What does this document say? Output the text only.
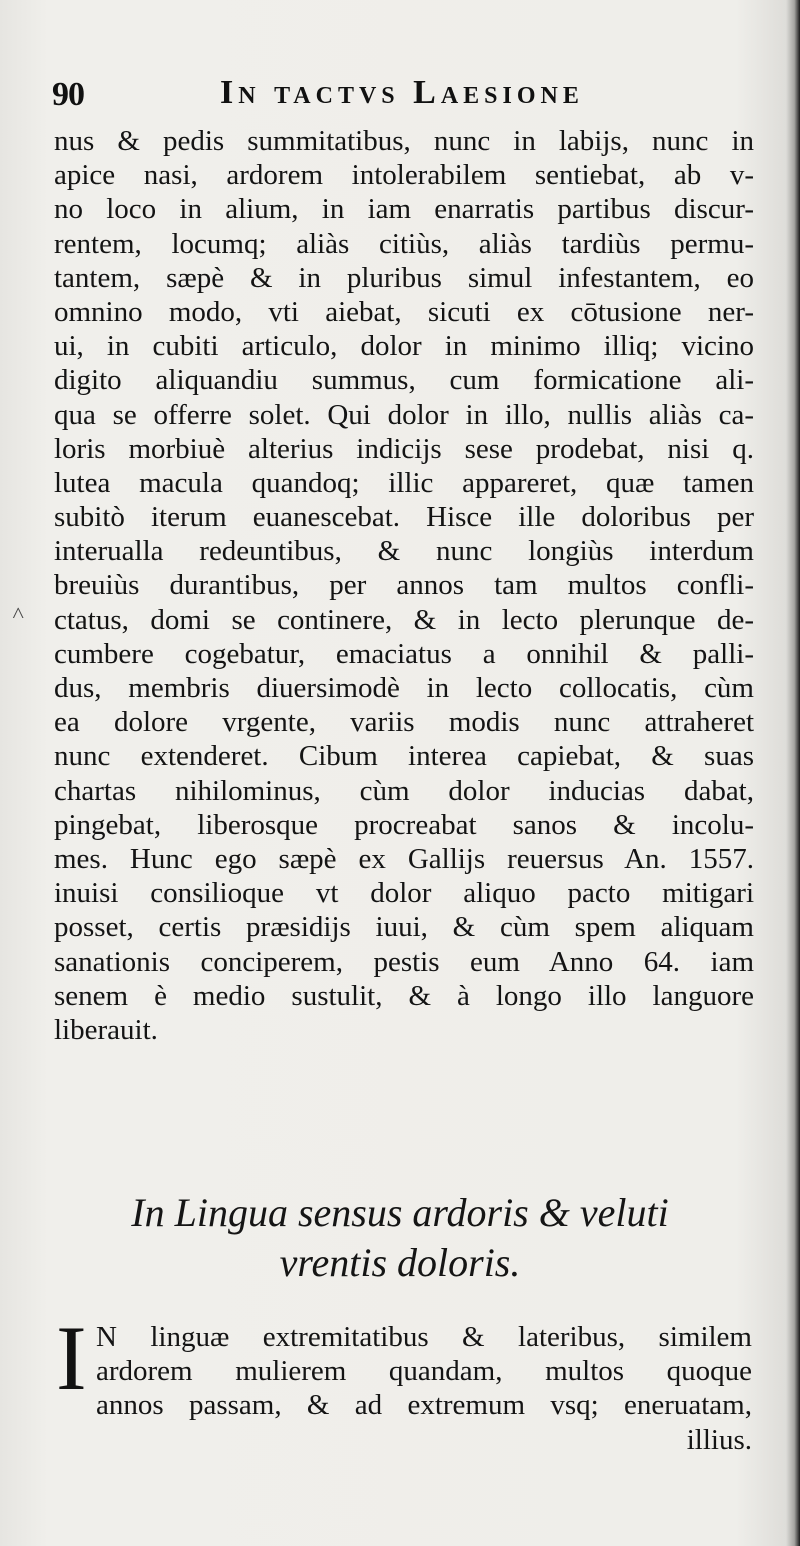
90	In tactvs Laesione
nus & pedis summitatibus, nunc in labijs, nunc in
apice nasi, ardorem intolerabilem sentiebat, ab v-
no loco in alium, in iam enarratis partibus discur-
rentem, locumq; aliàs citiùs, aliàs tardiùs permu-
tantem, sæpè & in pluribus simul infestantem, eo
omnino modo, vti aiebat, sicuti ex cōtusione ner-
ui, in cubiti articulo, dolor in minimo illiq; vicino
digito aliquandiu summus, cum formicatione ali-
qua se offerre solet. Qui dolor in illo, nullis aliàs ca-
loris morbiuè alterius indicijs sese prodebat, nisi q.
lutea macula quandoq; illic appareret, quæ tamen
subitò iterum euanescebat. Hisce ille doloribus per
interualla redeuntibus, & nunc longiùs interdum
breuiùs durantibus, per annos tam multos confli-
ctatus, domi se continere, & in lecto plerunque de-
cumbere cogebatur, emaciatus a onnihil & palli-
dus, membris diuersimodè in lecto collocatis, cùm
ea dolore vrgente, variis modis nunc attraheret
nunc extenderet. Cibum interea capiebat, & suas
chartas nihilominus, cùm dolor inducias dabat,
pingebat, liberosque procreabat sanos & incolu-
mes. Hunc ego sæpè ex Gallijs reuersus An. 1557.
inuisi consilioque vt dolor aliquo pacto mitigari
posset, certis præsidijs iuui, & cùm spem aliquam
sanationis conciperem, pestis eum Anno 64. iam
senem è medio sustulit, & à longo illo languore
liberauit.
In Lingua sensus ardoris & veluti
vrentis doloris.
I N linguæ extremitatibus & lateribus, similem
ardorem mulierem quandam, multos quoque
annos passam, & ad extremum vsq; eneruatam,
illius.
˄
